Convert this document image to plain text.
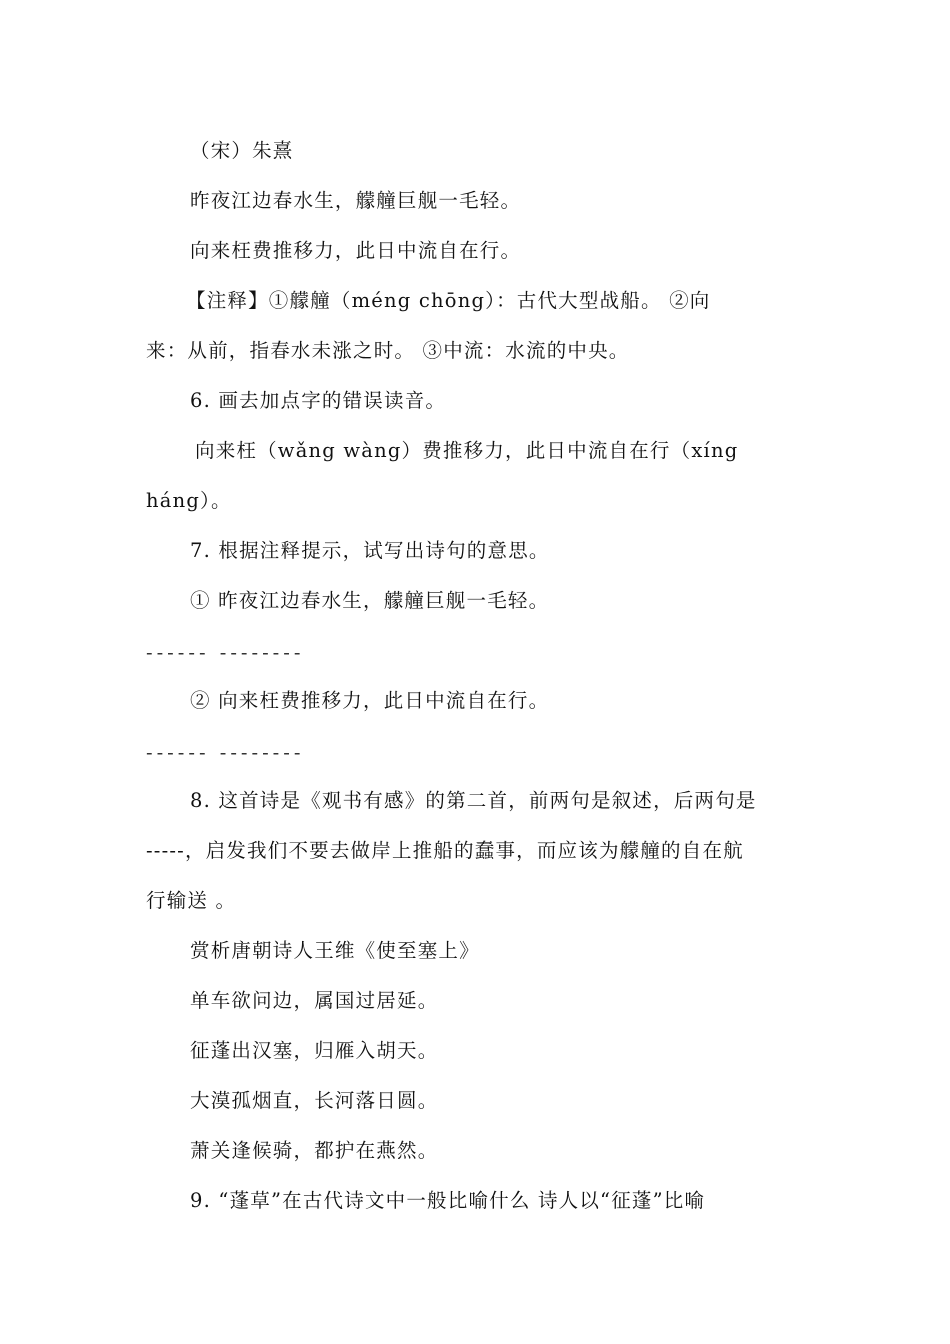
（宋）朱熹
昨夜江边春水生，艨艟巨舰一毛轻。
向来枉费推移力，此日中流自在行。
【注释】①艨艟（méng chōng）：古代大型战船。 ②向
来：从前，指春水未涨之时。 ③中流：水流的中央。
6. 画去加点字的错误读音。
向来枉（wǎng wàng）费推移力，此日中流自在行（xíng
háng）。
7. 根据注释提示，试写出诗句的意思。
① 昨夜江边春水生，艨艟巨舰一毛轻。
------ --------
② 向来枉费推移力，此日中流自在行。
------ --------
8. 这首诗是《观书有感》的第二首，前两句是叙述，后两句是
-----，启发我们不要去做岸上推船的蠢事，而应该为艨艟的自在航
行输送 。
赏析唐朝诗人王维《使至塞上》
单车欲问边，属国过居延。
征蓬出汉塞，归雁入胡天。
大漠孤烟直，长河落日圆。
萧关逢候骑，都护在燕然。
9. “蓬草”在古代诗文中一般比喻什么 诗人以“征蓬”比喻
